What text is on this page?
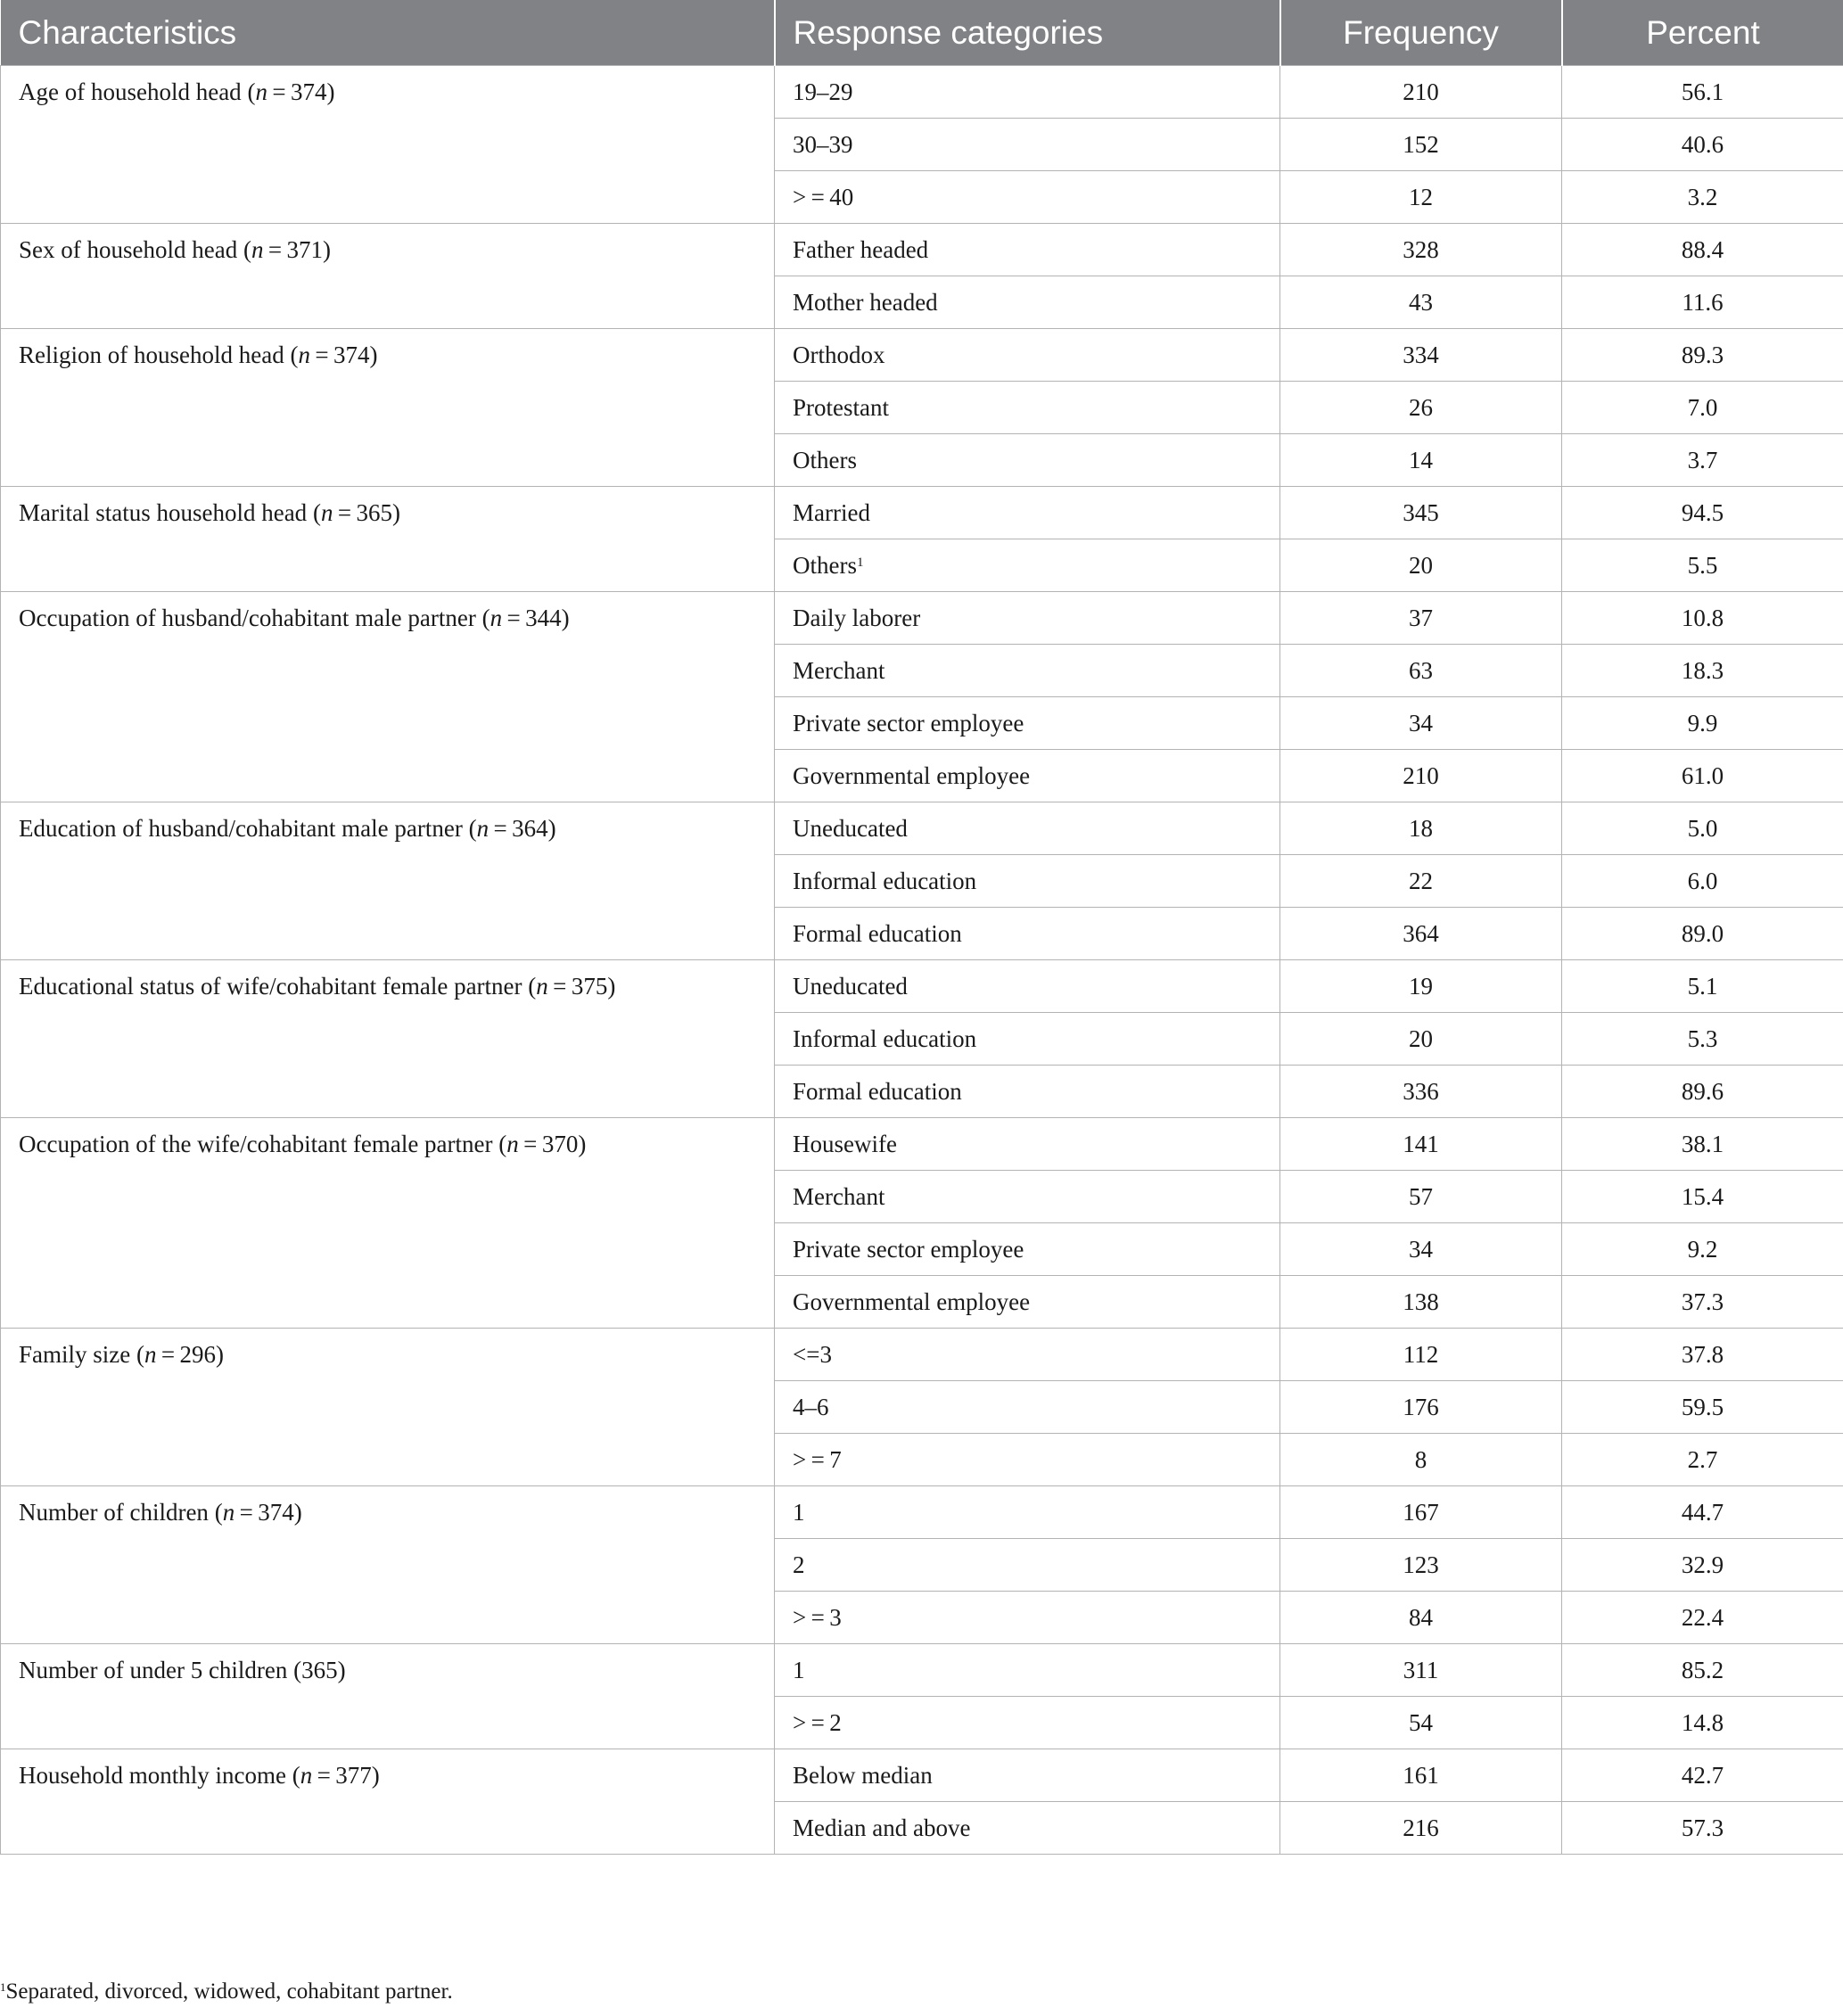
Characteristics	Response categories	Frequency	Percent
Age of household head (n = 374)	19–29	210	56.1
	30–39	152	40.6
	> = 40	12	3.2
Sex of household head (n = 371)	Father headed	328	88.4
	Mother headed	43	11.6
Religion of household head (n = 374)	Orthodox	334	89.3
	Protestant	26	7.0
	Others	14	3.7
Marital status household head (n = 365)	Married	345	94.5
	Others$^1$	20	5.5
Occupation of husband/cohabitant male partner (n = 344)	Daily laborer	37	10.8
	Merchant	63	18.3
	Private sector employee	34	9.9
	Governmental employee	210	61.0
Education of husband/cohabitant male partner (n = 364)	Uneducated	18	5.0
	Informal education	22	6.0
	Formal education	364	89.0
Educational status of wife/cohabitant female partner (n = 375)	Uneducated	19	5.1
	Informal education	20	5.3
	Formal education	336	89.6
Occupation of the wife/cohabitant female partner (n = 370)	Housewife	141	38.1
	Merchant	57	15.4
	Private sector employee	34	9.2
	Governmental employee	138	37.3
Family size (n = 296)	<=3	112	37.8
	4–6	176	59.5
	> = 7	8	2.7
Number of children (n = 374)	1	167	44.7
	2	123	32.9
	> = 3	84	22.4
Number of under 5 children (365)	1	311	85.2
	> = 2	54	14.8
Household monthly income (n = 377)	Below median	161	42.7
	Median and above	216	57.3
$^1$Separated, divorced, widowed, cohabitant partner.
